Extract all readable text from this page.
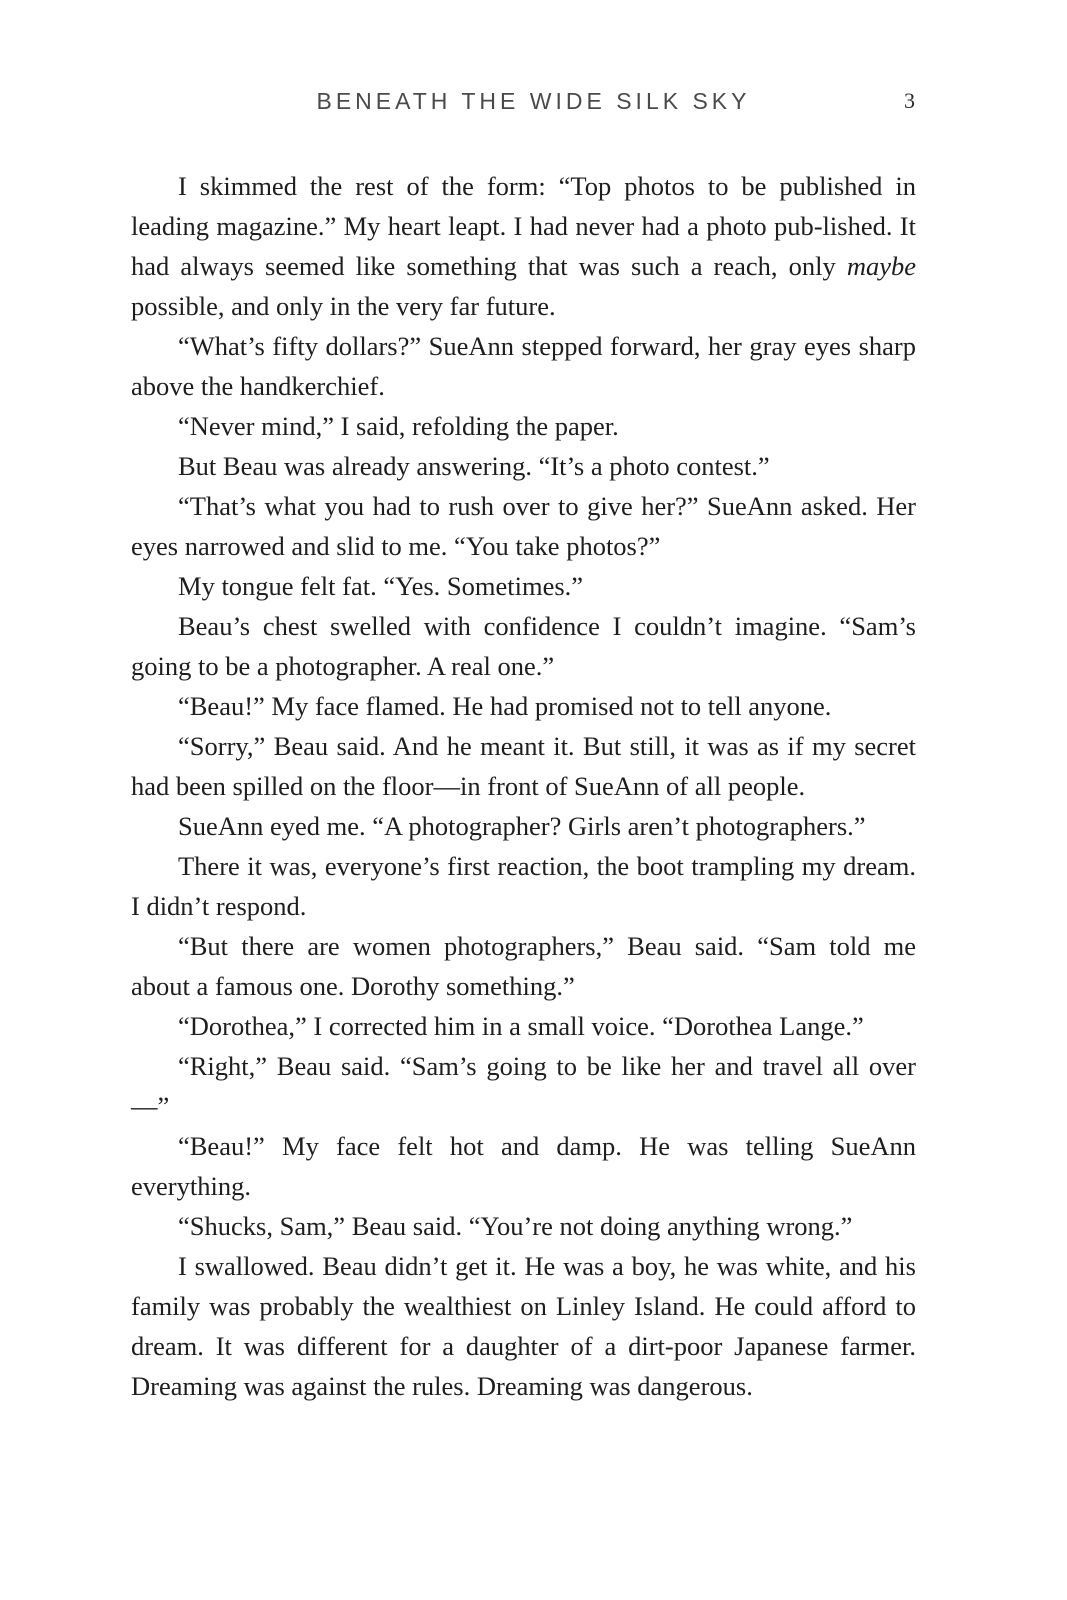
BENEATH THE WIDE SILK SKY	3

I skimmed the rest of the form: “Top photos to be published in leading magazine.” My heart leapt. I had never had a photo pub-lished. It had always seemed like something that was such a reach, only maybe possible, and only in the very far future.

“What’s fifty dollars?” SueAnn stepped forward, her gray eyes sharp above the handkerchief.

“Never mind,” I said, refolding the paper.

But Beau was already answering. “It’s a photo contest.”

“That’s what you had to rush over to give her?” SueAnn asked. Her eyes narrowed and slid to me. “You take photos?”

My tongue felt fat. “Yes. Sometimes.”

Beau’s chest swelled with confidence I couldn’t imagine. “Sam’s going to be a photographer. A real one.”

“Beau!” My face flamed. He had promised not to tell anyone.

“Sorry,” Beau said. And he meant it. But still, it was as if my secret had been spilled on the floor—in front of SueAnn of all people.

SueAnn eyed me. “A photographer? Girls aren’t photographers.”

There it was, everyone’s first reaction, the boot trampling my dream. I didn’t respond.

“But there are women photographers,” Beau said. “Sam told me about a famous one. Dorothy something.”

“Dorothea,” I corrected him in a small voice. “Dorothea Lange.”

“Right,” Beau said. “Sam’s going to be like her and travel all over—”

“Beau!” My face felt hot and damp. He was telling SueAnn everything.

“Shucks, Sam,” Beau said. “You’re not doing anything wrong.”

I swallowed. Beau didn’t get it. He was a boy, he was white, and his family was probably the wealthiest on Linley Island. He could afford to dream. It was different for a daughter of a dirt-poor Japanese farmer. Dreaming was against the rules. Dreaming was dangerous.
